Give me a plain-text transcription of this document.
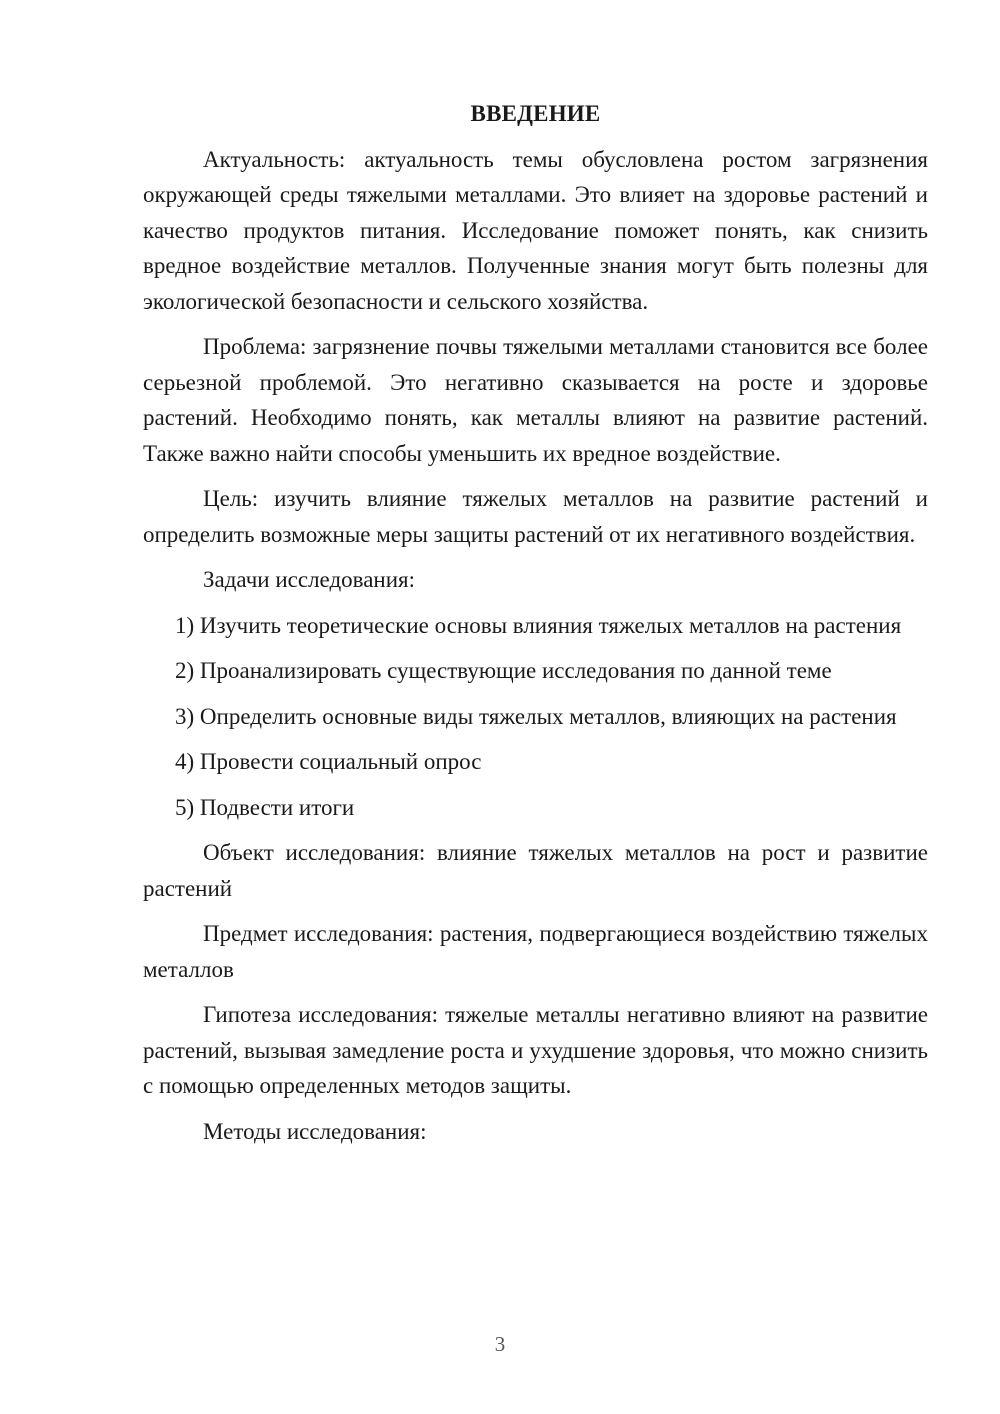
ВВЕДЕНИЕ

Актуальность: актуальность темы обусловлена ростом загрязнения окружающей среды тяжелыми металлами. Это влияет на здоровье растений и качество продуктов питания. Исследование поможет понять, как снизить вредное воздействие металлов. Полученные знания могут быть полезны для экологической безопасности и сельского хозяйства.

Проблема: загрязнение почвы тяжелыми металлами становится все более серьезной проблемой. Это негативно сказывается на росте и здоровье растений. Необходимо понять, как металлы влияют на развитие растений. Также важно найти способы уменьшить их вредное воздействие.

Цель: изучить влияние тяжелых металлов на развитие растений и определить возможные меры защиты растений от их негативного воздействия.

Задачи исследования:

1) Изучить теоретические основы влияния тяжелых металлов на растения

2) Проанализировать существующие исследования по данной теме

3) Определить основные виды тяжелых металлов, влияющих на растения

4) Провести социальный опрос

5) Подвести итоги

Объект исследования: влияние тяжелых металлов на рост и развитие растений

Предмет исследования: растения, подвергающиеся воздействию тяжелых металлов

Гипотеза исследования: тяжелые металлы негативно влияют на развитие растений, вызывая замедление роста и ухудшение здоровья, что можно снизить с помощью определенных методов защиты.

Методы исследования:

3
